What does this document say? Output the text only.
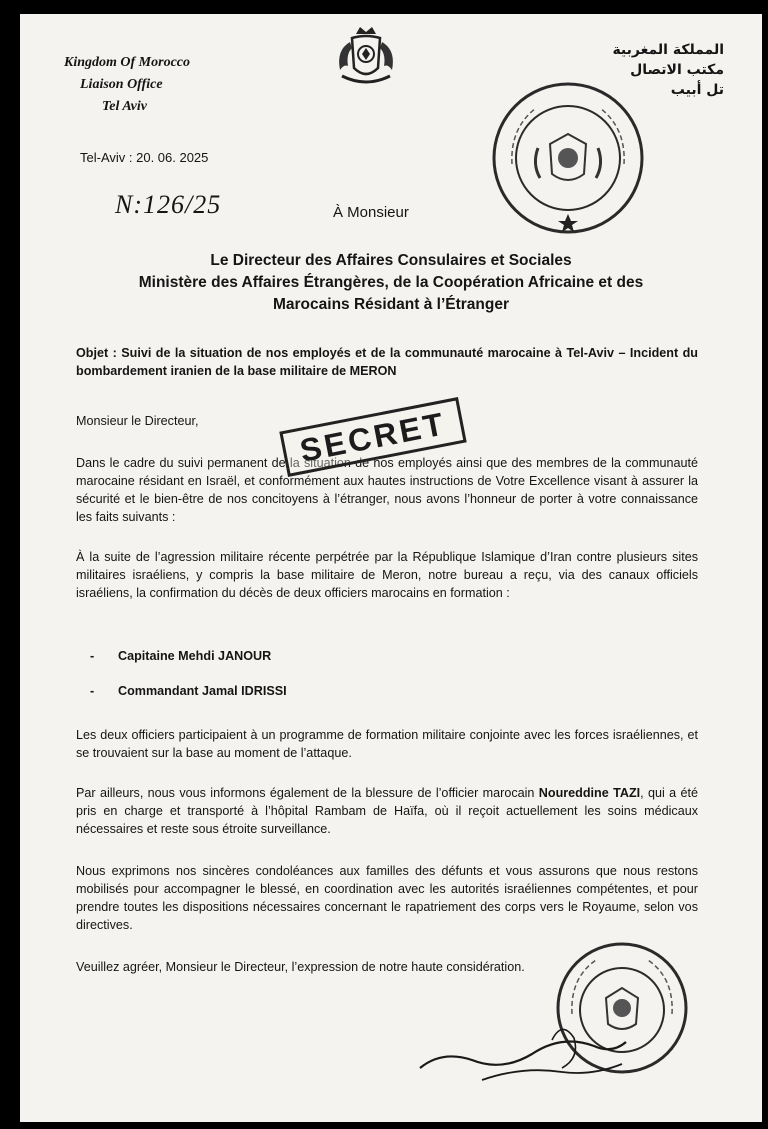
Kingdom Of Morocco
Liaison Office
Tel Aviv
المملكة المغربية
مكتب الاتصال
تل أبيب
Tel-Aviv : 20. 06. 2025
N:126/25	À Monsieur
Le Directeur des Affaires Consulaires et Sociales
Ministère des Affaires Étrangères, de la Coopération Africaine et des
Marocains Résidant à l’Étranger
Objet : Suivi de la situation de nos employés et de la communauté marocaine à Tel-Aviv – Incident du bombardement iranien de la base militaire de MERON
Monsieur le Directeur,
Dans le cadre du suivi permanent de la situation de nos employés ainsi que des membres de la communauté marocaine résidant en Israël, et conformément aux hautes instructions de Votre Excellence visant à assurer la sécurité et le bien-être de nos concitoyens à l’étranger, nous avons l’honneur de porter à votre connaissance les faits suivants :
SECRET
À la suite de l’agression militaire récente perpétrée par la République Islamique d’Iran contre plusieurs sites militaires israéliens, y compris la base militaire de Meron, notre bureau a reçu, via des canaux officiels israéliens, la confirmation du décès de deux officiers marocains en formation :
- Capitaine Mehdi JANOUR
- Commandant Jamal IDRISSI
Les deux officiers participaient à un programme de formation militaire conjointe avec les forces israéliennes, et se trouvaient sur la base au moment de l’attaque.
Par ailleurs, nous vous informons également de la blessure de l’officier marocain Noureddine TAZI, qui a été pris en charge et transporté à l’hôpital Rambam de Haïfa, où il reçoit actuellement les soins médicaux nécessaires et reste sous étroite surveillance.
Nous exprimons nos sincères condoléances aux familles des défunts et vous assurons que nous restons mobilisés pour accompagner le blessé, en coordination avec les autorités israéliennes compétentes, et pour prendre toutes les dispositions nécessaires concernant le rapatriement des corps vers le Royaume, selon vos directives.
Veuillez agréer, Monsieur le Directeur, l’expression de notre haute considération.
